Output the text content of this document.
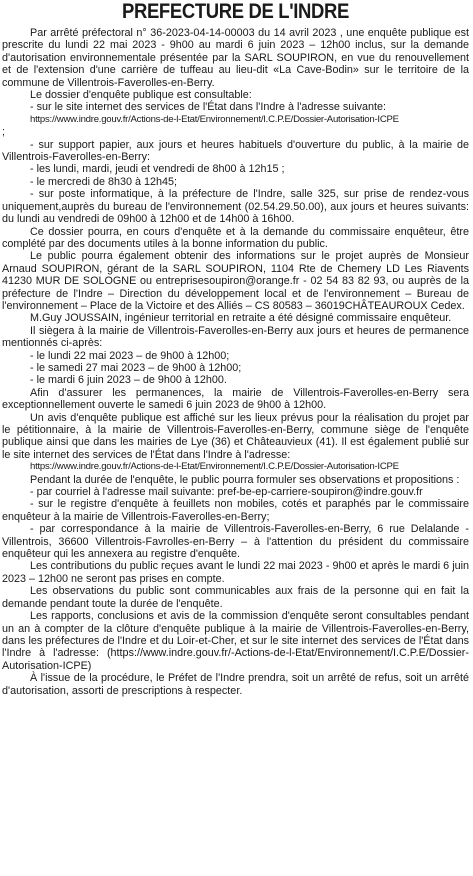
PREFECTURE DE L'INDRE

Par arrêté préfectoral n° 36-2023-04-14-00003 du 14 avril 2023 , une enquête publique est prescrite du lundi 22 mai 2023 - 9h00 au mardi 6 juin 2023 – 12h00 inclus, sur la demande d'autorisation environnementale présentée par la SARL SOUPIRON, en vue du renouvellement et de l'extension d'une carrière de tuffeau au lieu-dit «La Cave-Bodin» sur le territoire de la commune de Villentrois-Faverolles-en-Berry.

Le dossier d'enquête publique est consultable:

- sur le site internet des services de l'État dans l'Indre à l'adresse suivante:

https://www.indre.gouv.fr/Actions-de-l-Etat/Environnement/I.C.P.E/Dossier-Autorisation-ICPE

;

- sur support papier, aux jours et heures habituels d'ouverture du public, à la mairie de Villentrois-Faverolles-en-Berry:

- les lundi, mardi, jeudi et vendredi de 8h00 à 12h15 ;

- le mercredi de 8h30 à 12h45;

- sur poste informatique, à la préfecture de l'Indre, salle 325, sur prise de rendez-vous uniquement,auprès du bureau de l'environnement (02.54.29.50.00), aux jours et heures suivants: du lundi au vendredi de 09h00 à 12h00 et de 14h00 à 16h00.

Ce dossier pourra, en cours d'enquête et à la demande du commissaire enquêteur, être complété par des documents utiles à la bonne information du public.

Le public pourra également obtenir des informations sur le projet auprès de Monsieur Arnaud SOUPIRON, gérant de la SARL SOUPIRON, 1104 Rte de Chemery LD Les Riavents 41230 MUR DE SOLOGNE ou entreprisesoupiron@orange.fr - 02 54 83 82 93, ou auprès de la préfecture de l'Indre – Direction du développement local et de l'environnement – Bureau de l'environnement – Place de la Victoire et des Alliés – CS 80583 – 36019CHÂTEAUROUX Cedex.

M.Guy JOUSSAIN, ingénieur territorial en retraite a été désigné commissaire enquêteur.

Il siègera à la mairie de Villentrois-Faverolles-en-Berry aux jours et heures de permanence mentionnés ci-après:

- le lundi 22 mai 2023 – de 9h00 à 12h00;

- le samedi 27 mai 2023 – de 9h00 à 12h00;

- le mardi 6 juin 2023 – de 9h00 à 12h00.

Afin d'assurer les permanences, la mairie de Villentrois-Faverolles-en-Berry sera exceptionnellement ouverte le samedi 6 juin 2023 de 9h00 à 12h00.

Un avis d'enquête publique est affiché sur les lieux prévus pour la réalisation du projet par le pétitionnaire, à la mairie de Villentrois-Faverolles-en-Berry, commune siège de l'enquête publique ainsi que dans les mairies de Lye (36) et Châteauvieux (41). Il est également publié sur le site internet des services de l'État dans l'Indre à l'adresse:

https://www.indre.gouv.fr/Actions-de-l-Etat/Environnement/I.C.P.E/Dossier-Autorisation-ICPE

Pendant la durée de l'enquête, le public pourra formuler ses observations et propositions :

- par courriel à l'adresse mail suivante: pref-be-ep-carriere-soupiron@indre.gouv.fr

- sur le registre d'enquête à feuillets non mobiles, cotés et paraphés par le commissaire enquêteur à la mairie de Villentrois-Faverolles-en-Berry;

- par correspondance à la mairie de Villentrois-Faverolles-en-Berry, 6 rue Delalande - Villentrois, 36600 Villentrois-Favrolles-en-Berry – à l'attention du président du commissaire enquêteur qui les annexera au registre d'enquête.

Les contributions du public reçues avant le lundi 22 mai 2023 - 9h00 et après le mardi 6 juin 2023 – 12h00 ne seront pas prises en compte.

Les observations du public sont communicables aux frais de la personne qui en fait la demande pendant toute la durée de l'enquête.

Les rapports, conclusions et avis de la commission d'enquête seront consultables pendant un an à compter de la clôture d'enquête publique à la mairie de Villentrois-Faverolles-en-Berry, dans les préfectures de l'Indre et du Loir-et-Cher, et sur le site internet des services de l'État dans l'Indre à l'adresse: (https://www.indre.gouv.fr/-Actions-de-l-Etat/Environnement/I.C.P.E/Dossier-Autorisation-ICPE)

À l'issue de la procédure, le Préfet de l'Indre prendra, soit un arrêté de refus, soit un arrêté d'autorisation, assorti de prescriptions à respecter.
